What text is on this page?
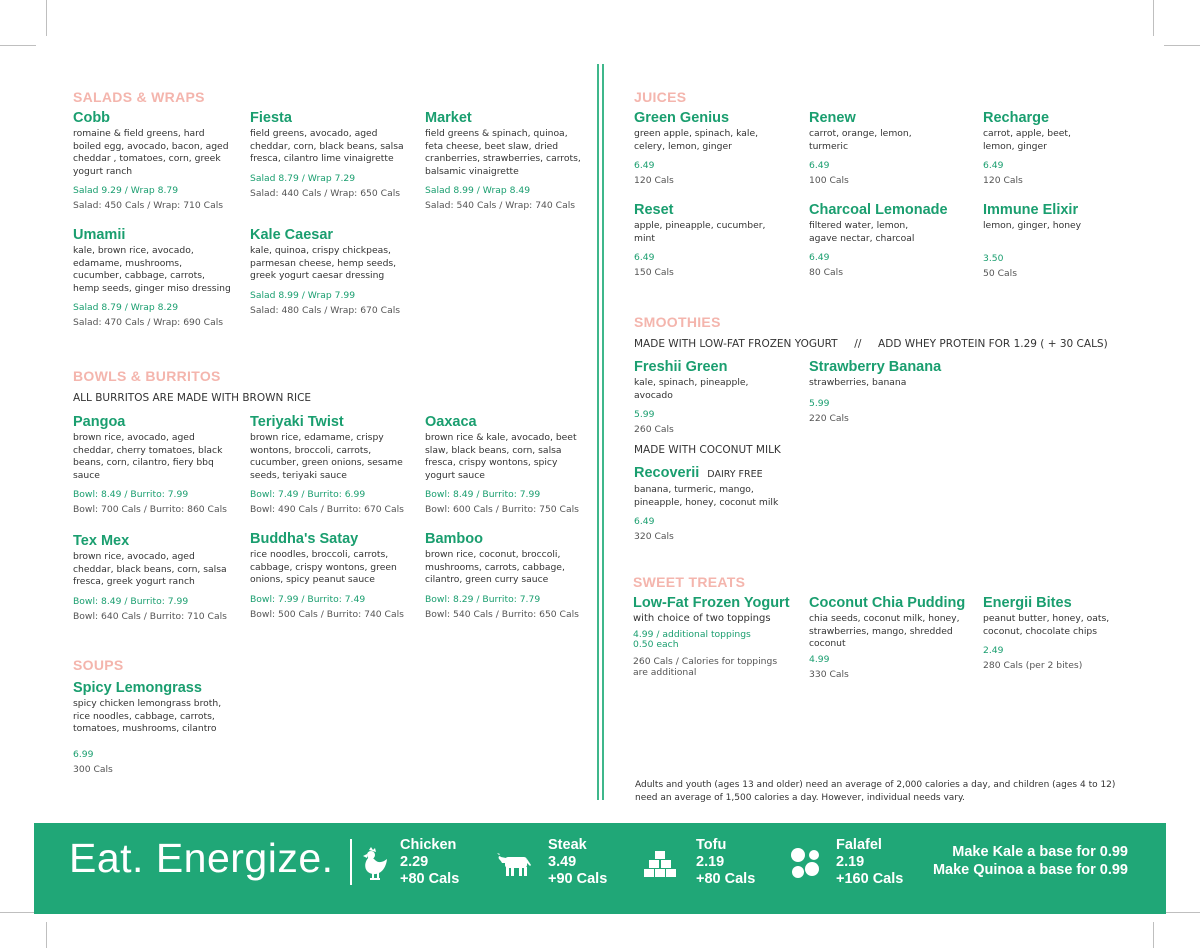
SALADS & WRAPS
Cobb
romaine & field greens, hard boiled egg, avocado, bacon, aged cheddar , tomatoes, corn, greek yogurt ranch
Salad 9.29 / Wrap 8.79
Salad: 450 Cals / Wrap: 710 Cals
Fiesta
field greens, avocado, aged cheddar, corn, black beans, salsa fresca, cilantro lime vinaigrette
Salad 8.79 / Wrap 7.29
Salad: 440 Cals / Wrap: 650 Cals
Market
field greens & spinach, quinoa, feta cheese, beet slaw, dried cranberries, strawberries, carrots, balsamic vinaigrette
Salad 8.99 / Wrap 8.49
Salad: 540 Cals / Wrap: 740 Cals
Umamii
kale, brown rice, avocado, edamame, mushrooms, cucumber, cabbage, carrots, hemp seeds, ginger miso dressing
Salad 8.79 / Wrap 8.29
Salad: 470 Cals / Wrap: 690 Cals
Kale Caesar
kale, quinoa, crispy chickpeas, parmesan cheese, hemp seeds, greek yogurt caesar dressing
Salad 8.99 / Wrap 7.99
Salad: 480 Cals / Wrap: 670 Cals
BOWLS & BURRITOS
ALL BURRITOS ARE MADE WITH BROWN RICE
Pangoa
brown rice, avocado, aged cheddar, cherry tomatoes, black beans, corn, cilantro, fiery bbq sauce
Bowl: 8.49 / Burrito: 7.99
Bowl: 700 Cals / Burrito: 860 Cals
Teriyaki Twist
brown rice, edamame, crispy wontons, broccoli, carrots, cucumber, green onions, sesame seeds, teriyaki sauce
Bowl: 7.49 / Burrito: 6.99
Bowl: 490 Cals / Burrito: 670 Cals
Oaxaca
brown rice & kale, avocado, beet slaw, black beans, corn, salsa fresca, crispy wontons, spicy yogurt sauce
Bowl: 8.49 / Burrito: 7.99
Bowl: 600 Cals / Burrito: 750 Cals
Tex Mex
brown rice, avocado, aged cheddar, black beans, corn, salsa fresca, greek yogurt ranch
Bowl: 8.49 / Burrito: 7.99
Bowl: 640 Cals / Burrito: 710 Cals
Buddha's Satay
rice noodles, broccoli, carrots, cabbage, crispy wontons, green onions, spicy peanut sauce
Bowl: 7.99 / Burrito: 7.49
Bowl: 500 Cals / Burrito: 740 Cals
Bamboo
brown rice, coconut, broccoli, mushrooms, carrots, cabbage, cilantro, green curry sauce
Bowl: 8.29 / Burrito: 7.79
Bowl: 540 Cals / Burrito: 650 Cals
SOUPS
Spicy Lemongrass
spicy chicken lemongrass broth, rice noodles, cabbage, carrots, tomatoes, mushrooms, cilantro
6.99
300 Cals
JUICES
Green Genius
green apple, spinach, kale, celery, lemon, ginger
6.49
120 Cals
Renew
carrot, orange, lemon, turmeric
6.49
100 Cals
Recharge
carrot, apple, beet, lemon, ginger
6.49
120 Cals
Reset
apple, pineapple, cucumber, mint
6.49
150 Cals
Charcoal Lemonade
filtered water, lemon, agave nectar, charcoal
6.49
80 Cals
Immune Elixir
lemon, ginger, honey
3.50
50 Cals
SMOOTHIES
MADE WITH LOW-FAT FROZEN YOGURT     //     ADD WHEY PROTEIN FOR 1.29 ( + 30 CALS)
Freshii Green
kale, spinach, pineapple, avocado
5.99
260 Cals
Strawberry Banana
strawberries, banana
5.99
220 Cals
MADE WITH COCONUT MILK
Recoverii DAIRY FREE
banana, turmeric, mango, pineapple, honey, coconut milk
6.49
320 Cals
SWEET TREATS
Low-Fat Frozen Yogurt
with choice of two toppings
4.99 / additional toppings 0.50 each
260 Cals / Calories for toppings are additional
Coconut Chia Pudding
chia seeds, coconut milk, honey, strawberries, mango, shredded coconut
4.99
330 Cals
Energii Bites
peanut butter, honey, oats, coconut, chocolate chips
2.49
280 Cals (per 2 bites)
Adults and youth (ages 13 and older) need an average of 2,000 calories a day, and children (ages 4 to 12) need an average of 1,500 calories a day. However, individual needs vary.
Eat. Energize.	Chicken
2.29
+80 Cals
Steak
3.49
+90 Cals
Tofu
2.19
+80 Cals
Falafel
2.19
+160 Cals
Make Kale a base for 0.99
Make Quinoa a base for 0.99
